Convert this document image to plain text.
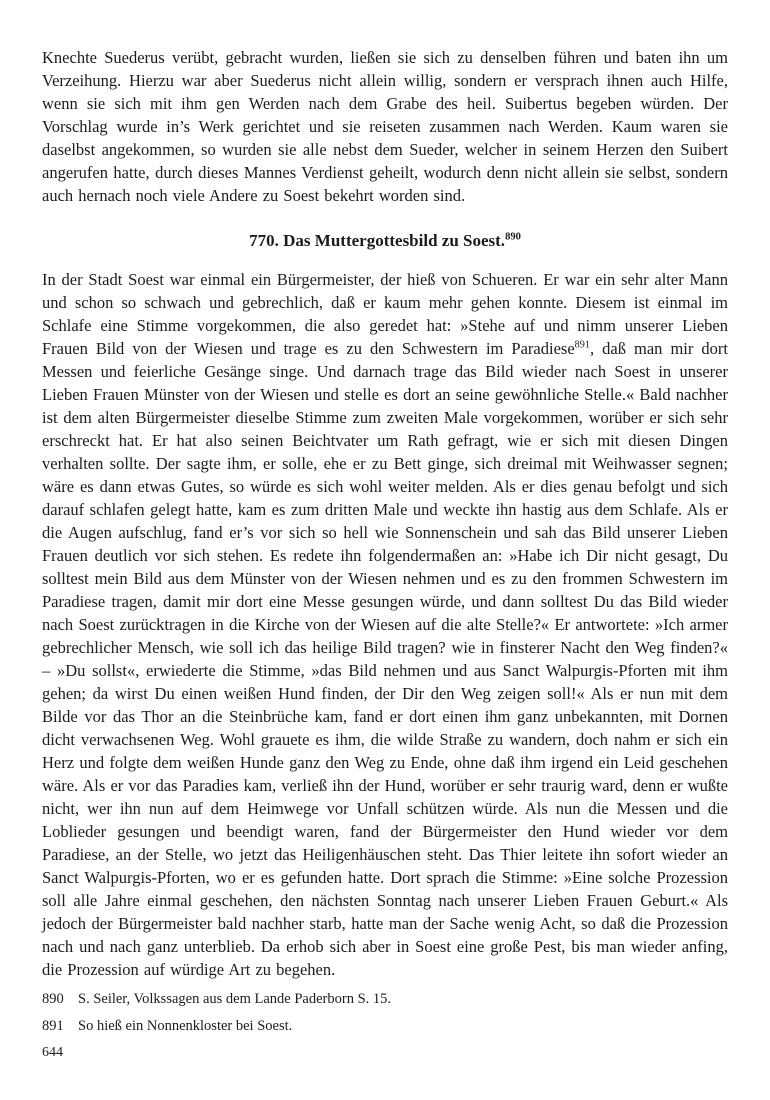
Knechte Suederus verübt, gebracht wurden, ließen sie sich zu denselben führen und baten ihn um Verzeihung. Hierzu war aber Suederus nicht allein willig, sondern er versprach ihnen auch Hilfe, wenn sie sich mit ihm gen Werden nach dem Grabe des heil. Suibertus begeben würden. Der Vorschlag wurde in’s Werk gerichtet und sie reiseten zusammen nach Werden. Kaum waren sie daselbst angekommen, so wurden sie alle nebst dem Sueder, welcher in seinem Herzen den Suibert angerufen hatte, durch dieses Mannes Verdienst geheilt, wodurch denn nicht allein sie selbst, sondern auch hernach noch viele Andere zu Soest bekehrt worden sind.

770. Das Muttergottesbild zu Soest.$^{890}$

In der Stadt Soest war einmal ein Bürgermeister, der hieß von Schueren. Er war ein sehr alter Mann und schon so schwach und gebrechlich, daß er kaum mehr gehen konnte. Diesem ist einmal im Schlafe eine Stimme vorgekommen, die also geredet hat: »Stehe auf und nimm unserer Lieben Frauen Bild von der Wiesen und trage es zu den Schwestern im Paradiese$^{891}$, daß man mir dort Messen und feierliche Gesänge singe. Und darnach trage das Bild wieder nach Soest in unserer Lieben Frauen Münster von der Wiesen und stelle es dort an seine gewöhnliche Stelle.« Bald nachher ist dem alten Bürgermeister dieselbe Stimme zum zweiten Male vorgekommen, worüber er sich sehr erschreckt hat. Er hat also seinen Beichtvater um Rath gefragt, wie er sich mit diesen Dingen verhalten sollte. Der sagte ihm, er solle, ehe er zu Bett ginge, sich dreimal mit Weihwasser segnen; wäre es dann etwas Gutes, so würde es sich wohl weiter melden. Als er dies genau befolgt und sich darauf schlafen gelegt hatte, kam es zum dritten Male und weckte ihn hastig aus dem Schlafe. Als er die Augen aufschlug, fand er’s vor sich so hell wie Sonnenschein und sah das Bild unserer Lieben Frauen deutlich vor sich stehen. Es redete ihn folgendermaßen an: »Habe ich Dir nicht gesagt, Du solltest mein Bild aus dem Münster von der Wiesen nehmen und es zu den frommen Schwestern im Paradiese tragen, damit mir dort eine Messe gesungen würde, und dann solltest Du das Bild wieder nach Soest zurücktragen in die Kirche von der Wiesen auf die alte Stelle?« Er antwortete: »Ich armer gebrechlicher Mensch, wie soll ich das heilige Bild tragen? wie in finsterer Nacht den Weg finden?« – »Du sollst«, erwiederte die Stimme, »das Bild nehmen und aus Sanct Walpurgis-Pforten mit ihm gehen; da wirst Du einen weißen Hund finden, der Dir den Weg zeigen soll!« Als er nun mit dem Bilde vor das Thor an die Steinbrüche kam, fand er dort einen ihm ganz unbekannten, mit Dornen dicht verwachsenen Weg. Wohl grauete es ihm, die wilde Straße zu wandern, doch nahm er sich ein Herz und folgte dem weißen Hunde ganz den Weg zu Ende, ohne daß ihm irgend ein Leid geschehen wäre. Als er vor das Paradies kam, verließ ihn der Hund, worüber er sehr traurig ward, denn er wußte nicht, wer ihn nun auf dem Heimwege vor Unfall schützen würde. Als nun die Messen und die Loblieder gesungen und beendigt waren, fand der Bürgermeister den Hund wieder vor dem Paradiese, an der Stelle, wo jetzt das Heiligenhäuschen steht. Das Thier leitete ihn sofort wieder an Sanct Walpurgis-Pforten, wo er es gefunden hatte. Dort sprach die Stimme: »Eine solche Prozession soll alle Jahre einmal geschehen, den nächsten Sonntag nach unserer Lieben Frauen Geburt.« Als jedoch der Bürgermeister bald nachher starb, hatte man der Sache wenig Acht, so daß die Prozession nach und nach ganz unterblieb. Da erhob sich aber in Soest eine große Pest, bis man wieder anfing, die Prozession auf würdige Art zu begehen.

890 S. Seiler, Volkssagen aus dem Lande Paderborn S. 15.
891 So hieß ein Nonnenkloster bei Soest.
644
